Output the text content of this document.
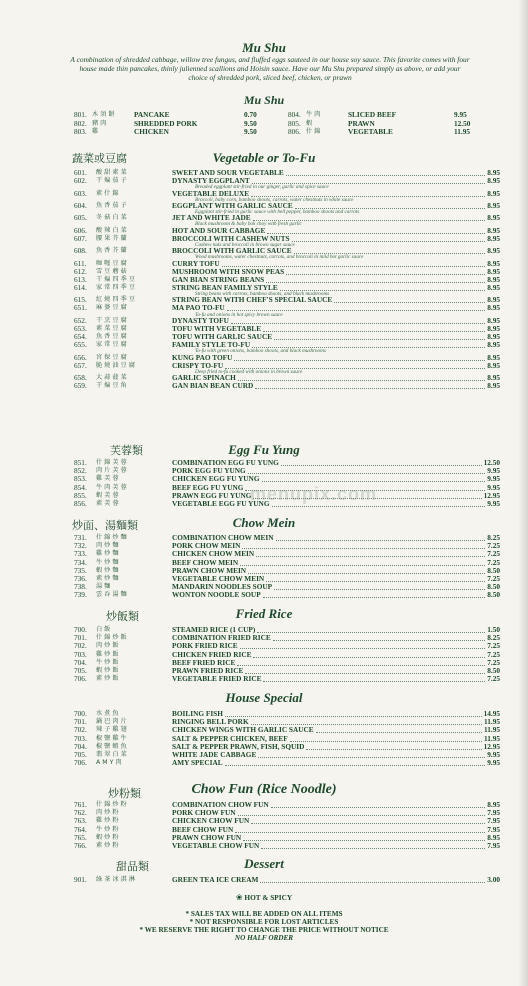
Mu Shu
A combination of shredded cabbage, willow tree fungus, and fluffed eggs sauteed in our house soy sauce. This favorite comes with four house made thin pancakes, thinly julienned scallions and Hoisin sauce. Have our Mu Shu prepared simply as above, or add your choice of shredded pork, sliced beef, chicken, or prawn
Mu Shu
801. 木須餅 PANCAKE	0.70
802. 豬肉	SHREDDED PORK	9.50
803. 雞	CHICKEN	9.50
804. 牛肉	SLICED BEEF	9.95
805. 蝦	PRAWN	12.50
806. 什錦	VEGETABLE	11.95
蔬菜或豆腐	Vegetable or To-Fu
601.	酸甜素菜	SWEET AND SOUR VEGETABLE	8.95
602.	干煸茄子	DYNASTY EGGPLANT	8.95
Breaded eggplant stir-fried in our ginger, garlic and spice sauce
603.	素什錦	VEGETABLE DELUXE	8.95
Broccoli, baby corn, bamboo shoots, carrots, water chestnuts in white sauce
604.	魚香茄子	EGGPLANT WITH GARLIC SAUCE	8.95
Eggplant stir-fried in garlic sauce with bell pepper, bamboo shoots and carrots
605.	冬菇白菜	JET AND WHITE JADE	8.95
Black mushroom & baby bok choy with fresh garlic
606.	酸辣白菜	HOT AND SOUR CABBAGE	8.95
607.	腰果芥蘭	BROCCOLI WITH CASHEW NUTS	8.95
Cashew nuts and broccoli in brown sugar sauce
608.	魚香芥蘭	BROCCOLI WITH GARLIC SAUCE	8.95
Wood mushrooms, water chestnuts, carrots, and broccoli in mild hot garlic sauce
611.	咖喱豆腐	CURRY TOFU	8.95
612.	雪豆蘑菇	MUSHROOM WITH SNOW PEAS	8.95
613.	干煸四季豆	GAN BIAN STRING BEANS	8.95
614.	家常四季豆	STRING BEAN FAMILY STYLE	8.95
String beans with carrots, bamboo shoots, and black mushrooms
615.	紅燒四季豆	STRING BEAN WITH CHEF'S SPECIAL SAUCE	8.95
651.	麻婆豆腐	MA PAO TO-FU	8.95
To-fu and onions in hot spicy brown sauce
652.	干烹豆腐	DYNASTY TOFU	8.95
653.	素菜豆腐	TOFU WITH VEGETABLE	8.95
654.	魚香豆腐	TOFU WITH GARLIC SAUCE	8.95
655.	家常豆腐	FAMILY STYLE TO-FU	8.95
To-fu with green onions, bamboo shoots, and black mushrooms
656.	宮保豆腐	KUNG PAO TOFU	8.95
657.	脆燒油豆腐	CRISPY TO-FU	8.95
Deep fried to-fu cooked with onions in brown sauce
658.	大蒜菠菜	GARLIC SPINACH	8.95
659.	干煸豆角	GAN BIAN BEAN CURD	8.95
芙蓉類	Egg Fu Yung
851.	什錦芙蓉	COMBINATION EGG FU YUNG	12.50
852.	肉片芙蓉	PORK EGG FU YUNG	9.95
853.	雞芙蓉	CHICKEN EGG FU YUNG	9.95
854.	牛肉芙蓉	BEEF EGG FU YUNG	9.95
855.	蝦芙蓉	PRAWN EGG FU YUNG	12.95
856.	素芙蓉	VEGETABLE EGG FU YUNG	9.95
炒面、湯麵類	Chow Mein
731.	什錦炒麵	COMBINATION CHOW MEIN	8.25
732.	肉炒麵	PORK CHOW MEIN	7.25
733.	雞炒麵	CHICKEN CHOW MEIN	7.25
734.	牛炒麵	BEEF CHOW MEIN	7.25
735.	蝦炒麵	PRAWN CHOW MEIN	8.50
736.	素炒麵	VEGETABLE CHOW MEIN	7.25
738.	湯麵	MANDARIN NOODLES SOUP	8.50
739.	雲吞湯麵	WONTON NOODLE SOUP	8.50
炒飯類	Fried Rice
700.	白飯	STEAMED RICE (1 CUP)	1.50
701.	什錦炒飯	COMBINATION FRIED RICE	8.25
702.	肉炒飯	PORK FRIED RICE	7.25
703.	雞炒飯	CHICKEN FRIED RICE	7.25
704.	牛炒飯	BEEF FRIED RICE	7.25
705.	蝦炒飯	PRAWN FRIED RICE	8.50
706.	素炒飯	VEGETABLE FRIED RICE	7.25
House Special
700.	水煮魚	BOILING FISH	14.95
701.	鍋巴肉片	RINGING BELL PORK	11.95
702.	辣子雞翅	CHICKEN WINGS WITH GARLIC SAUCE	11.95
703.	椒鹽雞牛	SALT & PEPPER CHICKEN, BEEF	11.95
704.	椒鹽蝦魚	SALT & PEPPER PRAWN, FISH, SQUID	12.95
705.	翡翠白菜	WHITE JADE CABBAGE	9.95
706.	AMY肉	AMY SPECIAL	9.95
炒粉類	Chow Fun (Rice Noodle)
761.	什錦炒粉	COMBINATION CHOW FUN	8.95
762.	肉炒粉	PORK CHOW FUN	7.95
763.	雞炒粉	CHICKEN CHOW FUN	7.95
764.	牛炒粉	BEEF CHOW FUN	7.95
765.	蝦炒粉	PRAWN CHOW FUN	8.95
766.	素炒粉	VEGETABLE CHOW FUN	7.95
甜品類	Dessert
901.	綠茶冰淇淋	GREEN TEA ICE CREAM	3.00
❀ HOT & SPICY
* SALES TAX WILL BE ADDED ON ALL ITEMS
* NOT RESPONSIBLE FOR LOST ARTICLES
* WE RESERVE THE RIGHT TO CHANGE THE PRICE WITHOUT NOTICE
NO HALF ORDER
menupix.com
